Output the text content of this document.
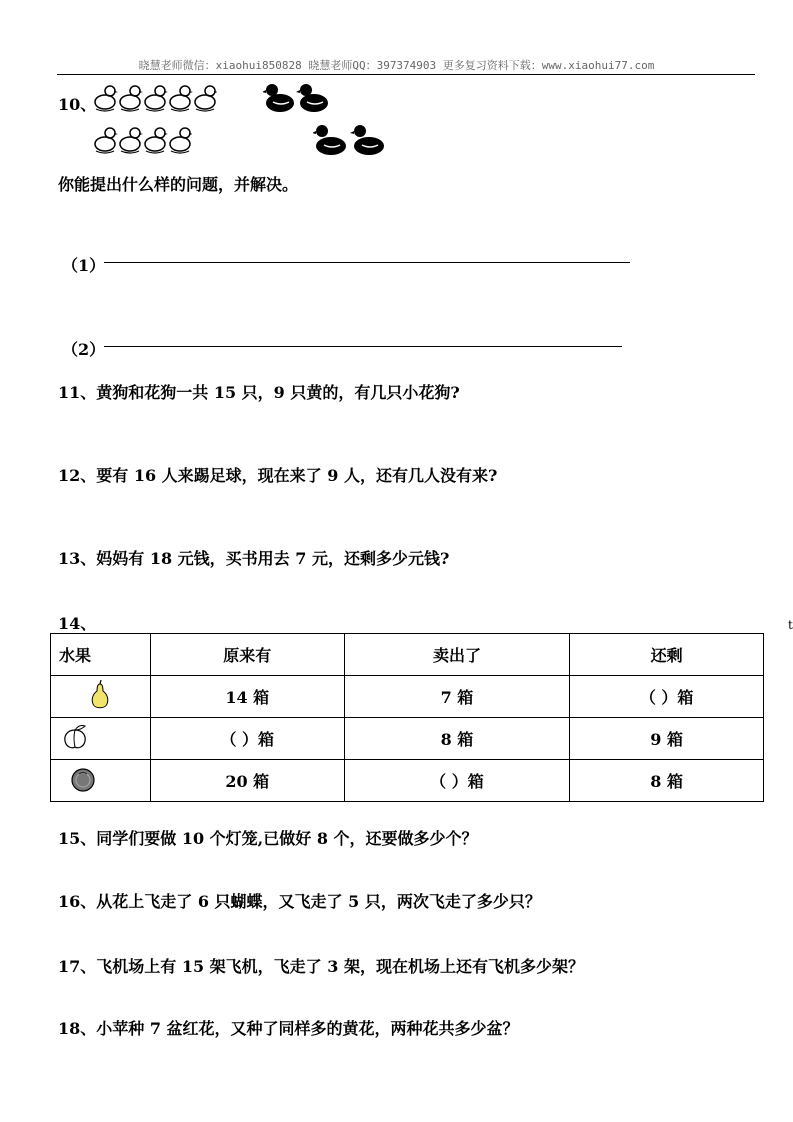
晓慧老师微信：xiaohui850828 晓慧老师QQ：397374903 更多复习资料下载：www.xiaohui77.com
10、
你能提出什么样的问题，并解决。
（1）
（2）
11、黄狗和花狗一共 15 只，9 只黄的，有几只小花狗?
12、要有 16 人来踢足球，现在来了 9 人，还有几人没有来?
13、妈妈有 18 元钱，买书用去 7 元，还剩多少元钱?
14、	t
水果	原来有	卖出了	还剩
	14 箱	7 箱	（ ）箱
	（ ）箱	8 箱	9 箱
	20 箱	（ ）箱	8 箱
15、同学们要做 10 个灯笼,已做好 8 个，还要做多少个？
16、从花上飞走了 6 只蝴蝶，又飞走了 5 只，两次飞走了多少只？
17、飞机场上有 15 架飞机，飞走了 3 架，现在机场上还有飞机多少架？
18、小苹种 7 盆红花，又种了同样多的黄花，两种花共多少盆？
